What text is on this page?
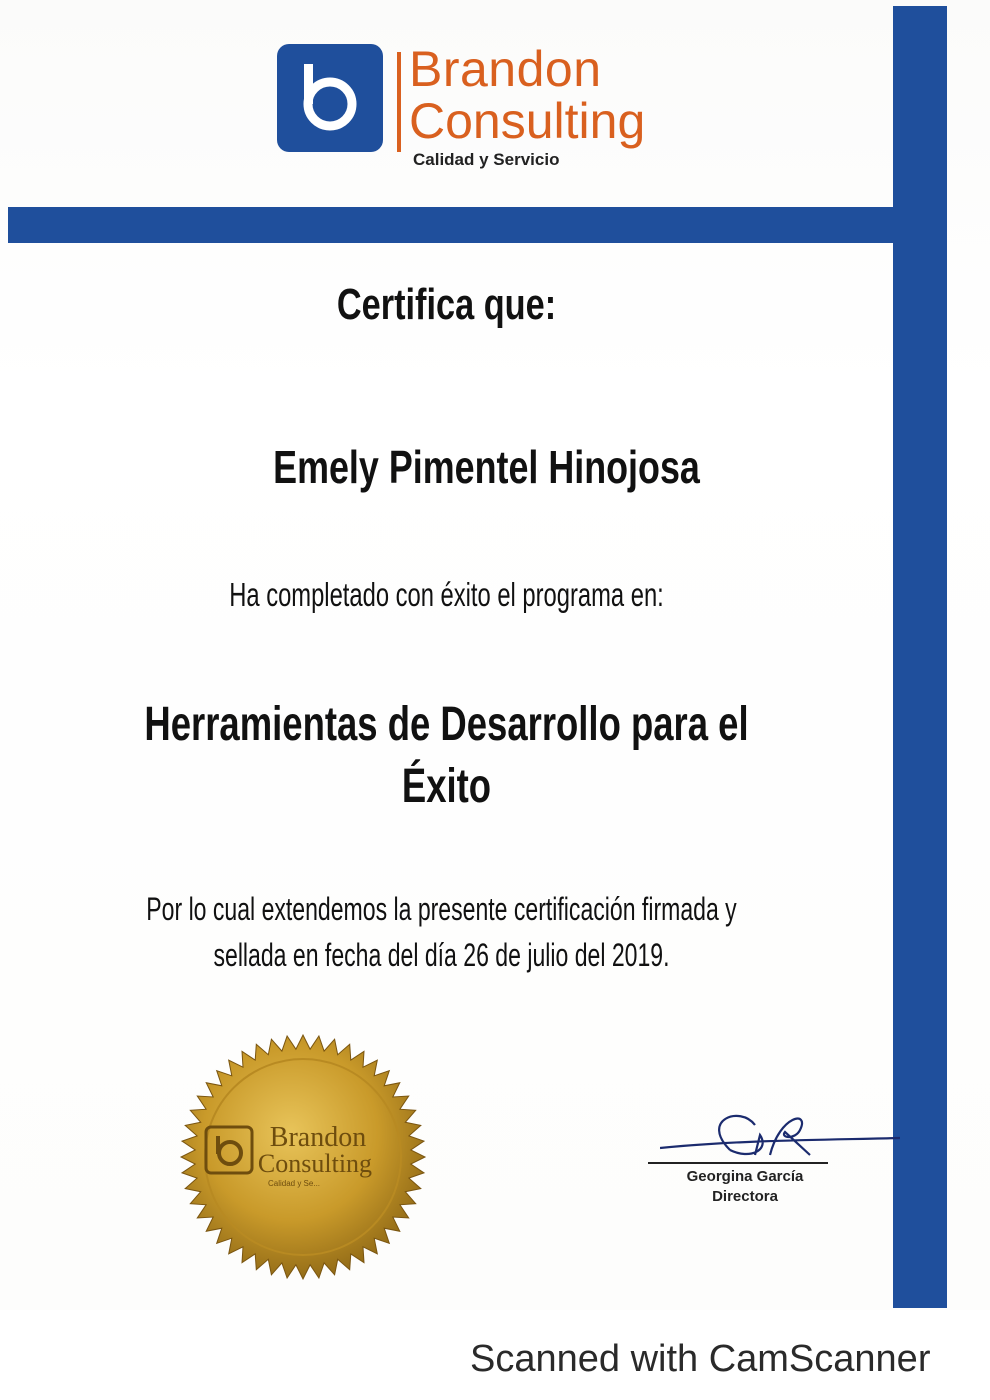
Brandon
Consulting
Calidad y Servicio
Certifica que:
Emely Pimentel Hinojosa
Ha completado con éxito el programa en:
Herramientas de Desarrollo para el
Éxito
Por lo cual extendemos la presente certificación firmada y
sellada en fecha del día 26 de julio del 2019.
Brandon
Consulting
Calidad y Se...	Georgina García
Directora
Scanned with CamScanner
